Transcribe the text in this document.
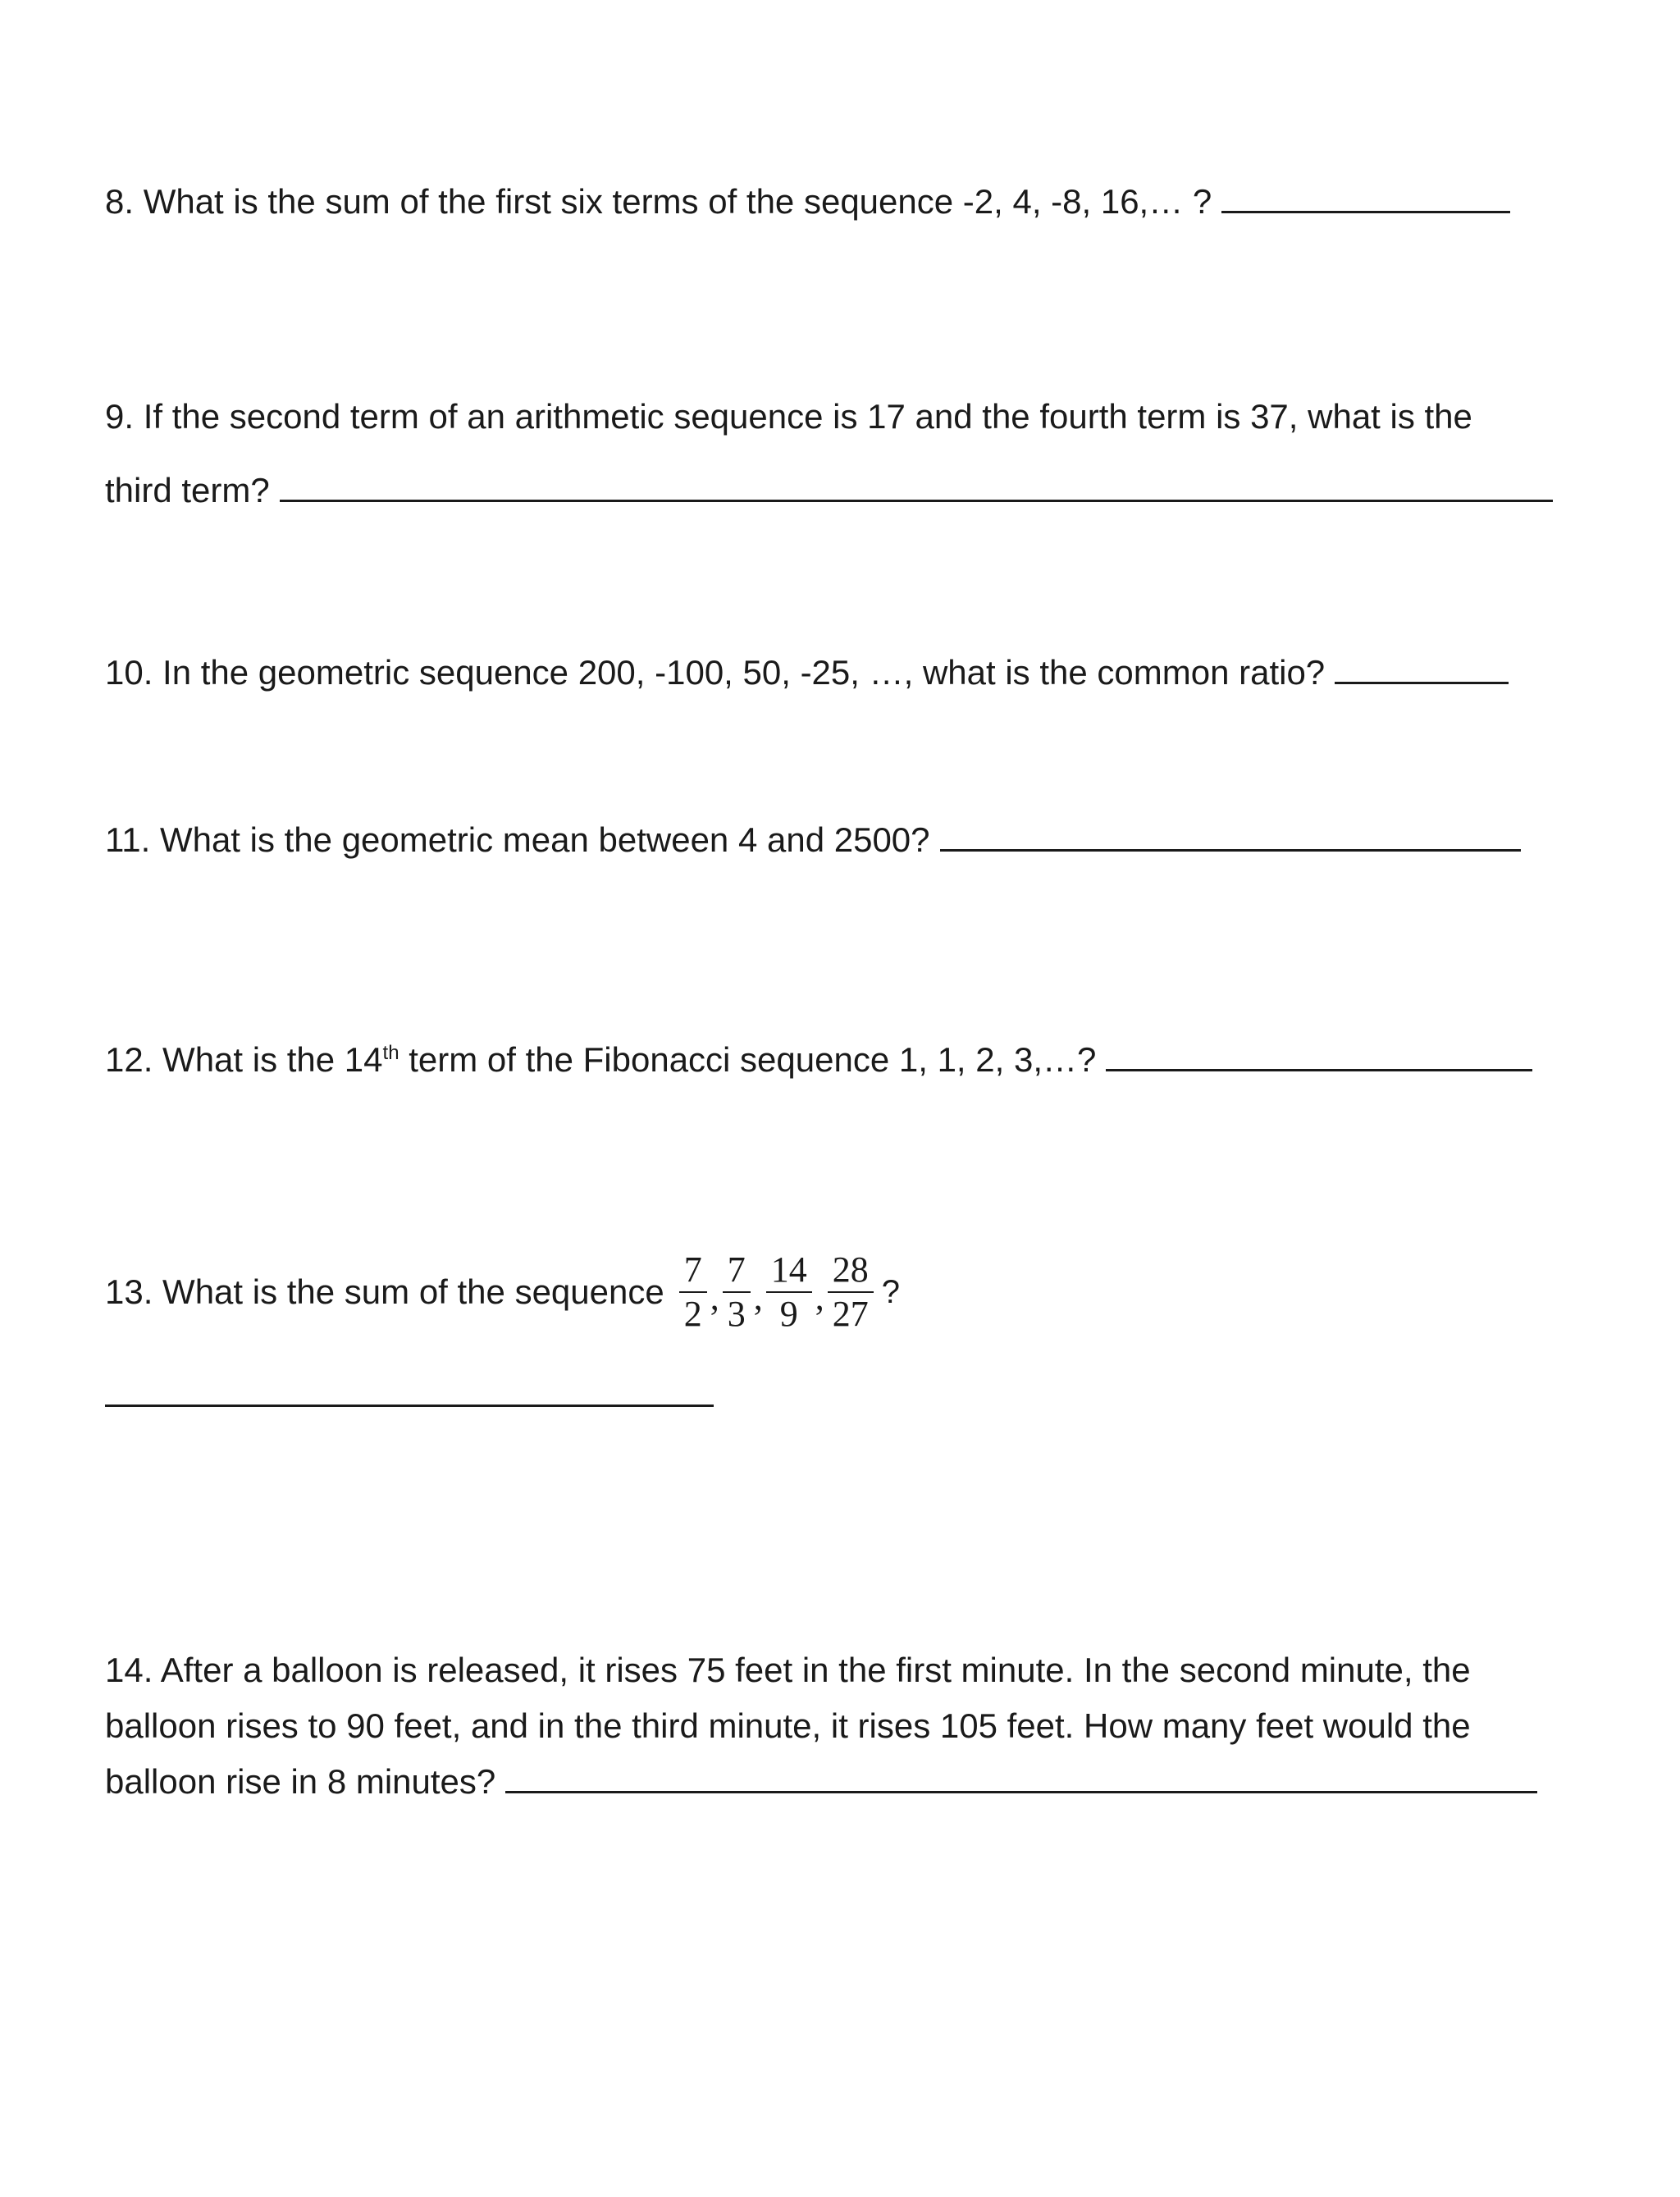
8. What is the sum of the first six terms of the sequence -2, 4, -8, 16,… ?

9. If the second term of an arithmetic sequence is 17 and the fourth term is 37, what is the

third term?

10. In the geometric sequence 200, -100, 50, -25, …, what is the common ratio?

11. What is the geometric mean between 4 and 2500?

12. What is the 14th term of the Fibonacci sequence 1, 1, 2, 3,…?

13. What is the sum of the sequence $\frac{7}{2}$ , $\frac{7}{3}$ , $\frac{14}{9}$ , $\frac{28}{27}$ ?

14. After a balloon is released, it rises 75 feet in the first minute. In the second minute, the

balloon rises to 90 feet, and in the third minute, it rises 105 feet. How many feet would the

balloon rise in 8 minutes?
